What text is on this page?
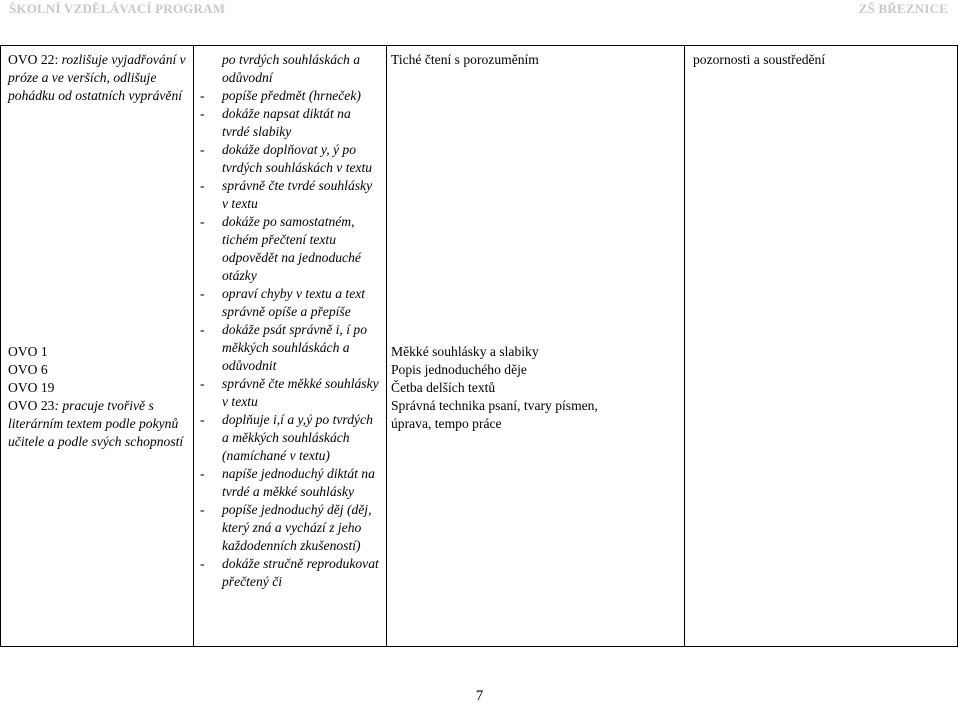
ŠKOLNÍ VZDĚLÁVACÍ PROGRAM	ZŠ BŘEZNICE
OVO 22: rozlišuje vyjadřování v próze a ve verších, odlišuje pohádku od ostatních vyprávění
OVO 1
OVO 6
OVO 19
OVO 23: pracuje tvořivě s literárním textem podle pokynů učitele a podle svých schopností
po tvrdých souhláskách a odůvodní
- popíše předmět (hrneček)
- dokáže napsat diktát na tvrdé slabiky
- dokáže doplňovat y, ý po tvrdých souhláskách v textu
- správně čte tvrdé souhlásky v textu
- dokáže po samostatném, tichém přečtení textu odpovědět na jednoduché otázky
- opraví chyby v textu a text správně opíše a přepíše
- dokáže psát správně i, í po měkkých souhláskách a odůvodnit
- správně čte měkké souhlásky v textu
- doplňuje i,í a y,ý po tvrdých a měkkých souhláskách (namíchané v textu)
- napíše jednoduchý diktát na tvrdé a měkké souhlásky
- popíše jednoduchý děj (děj, který zná a vychází z jeho každodenních zkušeností)
- dokáže stručně reprodukovat přečtený či
Tiché čtení s porozuměním
Měkké souhlásky a slabiky
Popis jednoduchého děje
Četba delších textů
Správná technika psaní, tvary písmen, úprava, tempo práce
pozornosti a soustředění
7
